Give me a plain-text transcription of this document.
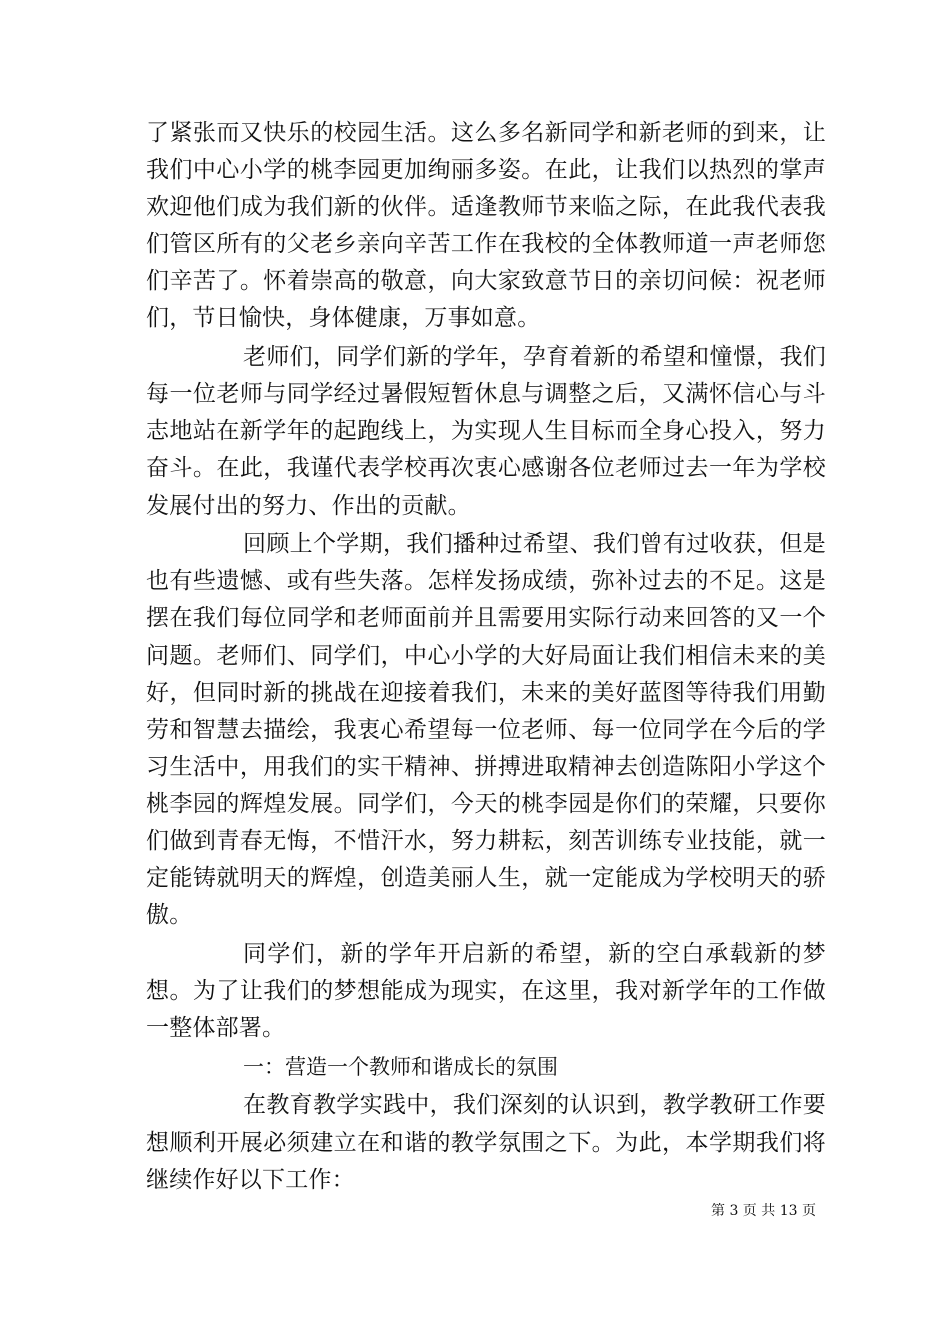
了紧张而又快乐的校园生活。这么多名新同学和新老师的到来，让我们中心小学的桃李园更加绚丽多姿。在此，让我们以热烈的掌声欢迎他们成为我们新的伙伴。适逢教师节来临之际，在此我代表我们管区所有的父老乡亲向辛苦工作在我校的全体教师道一声老师您们辛苦了。怀着崇高的敬意，向大家致意节日的亲切问候：祝老师们，节日愉快，身体健康，万事如意。

老师们，同学们新的学年，孕育着新的希望和憧憬，我们每一位老师与同学经过暑假短暂休息与调整之后，又满怀信心与斗志地站在新学年的起跑线上，为实现人生目标而全身心投入，努力奋斗。在此，我谨代表学校再次衷心感谢各位老师过去一年为学校发展付出的努力、作出的贡献。

回顾上个学期，我们播种过希望、我们曾有过收获，但是也有些遗憾、或有些失落。怎样发扬成绩，弥补过去的不足。这是摆在我们每位同学和老师面前并且需要用实际行动来回答的又一个问题。老师们、同学们，中心小学的大好局面让我们相信未来的美好，但同时新的挑战在迎接着我们，未来的美好蓝图等待我们用勤劳和智慧去描绘，我衷心希望每一位老师、每一位同学在今后的学习生活中，用我们的实干精神、拼搏进取精神去创造陈阳小学这个桃李园的辉煌发展。同学们，今天的桃李园是你们的荣耀，只要你们做到青春无悔，不惜汗水，努力耕耘，刻苦训练专业技能，就一定能铸就明天的辉煌，创造美丽人生，就一定能成为学校明天的骄傲。

同学们，新的学年开启新的希望，新的空白承载新的梦想。为了让我们的梦想能成为现实，在这里，我对新学年的工作做一整体部署。

一：营造一个教师和谐成长的氛围

在教育教学实践中，我们深刻的认识到，教学教研工作要想顺利开展必须建立在和谐的教学氛围之下。为此，本学期我们将继续作好以下工作：

第 3 页 共 13 页
